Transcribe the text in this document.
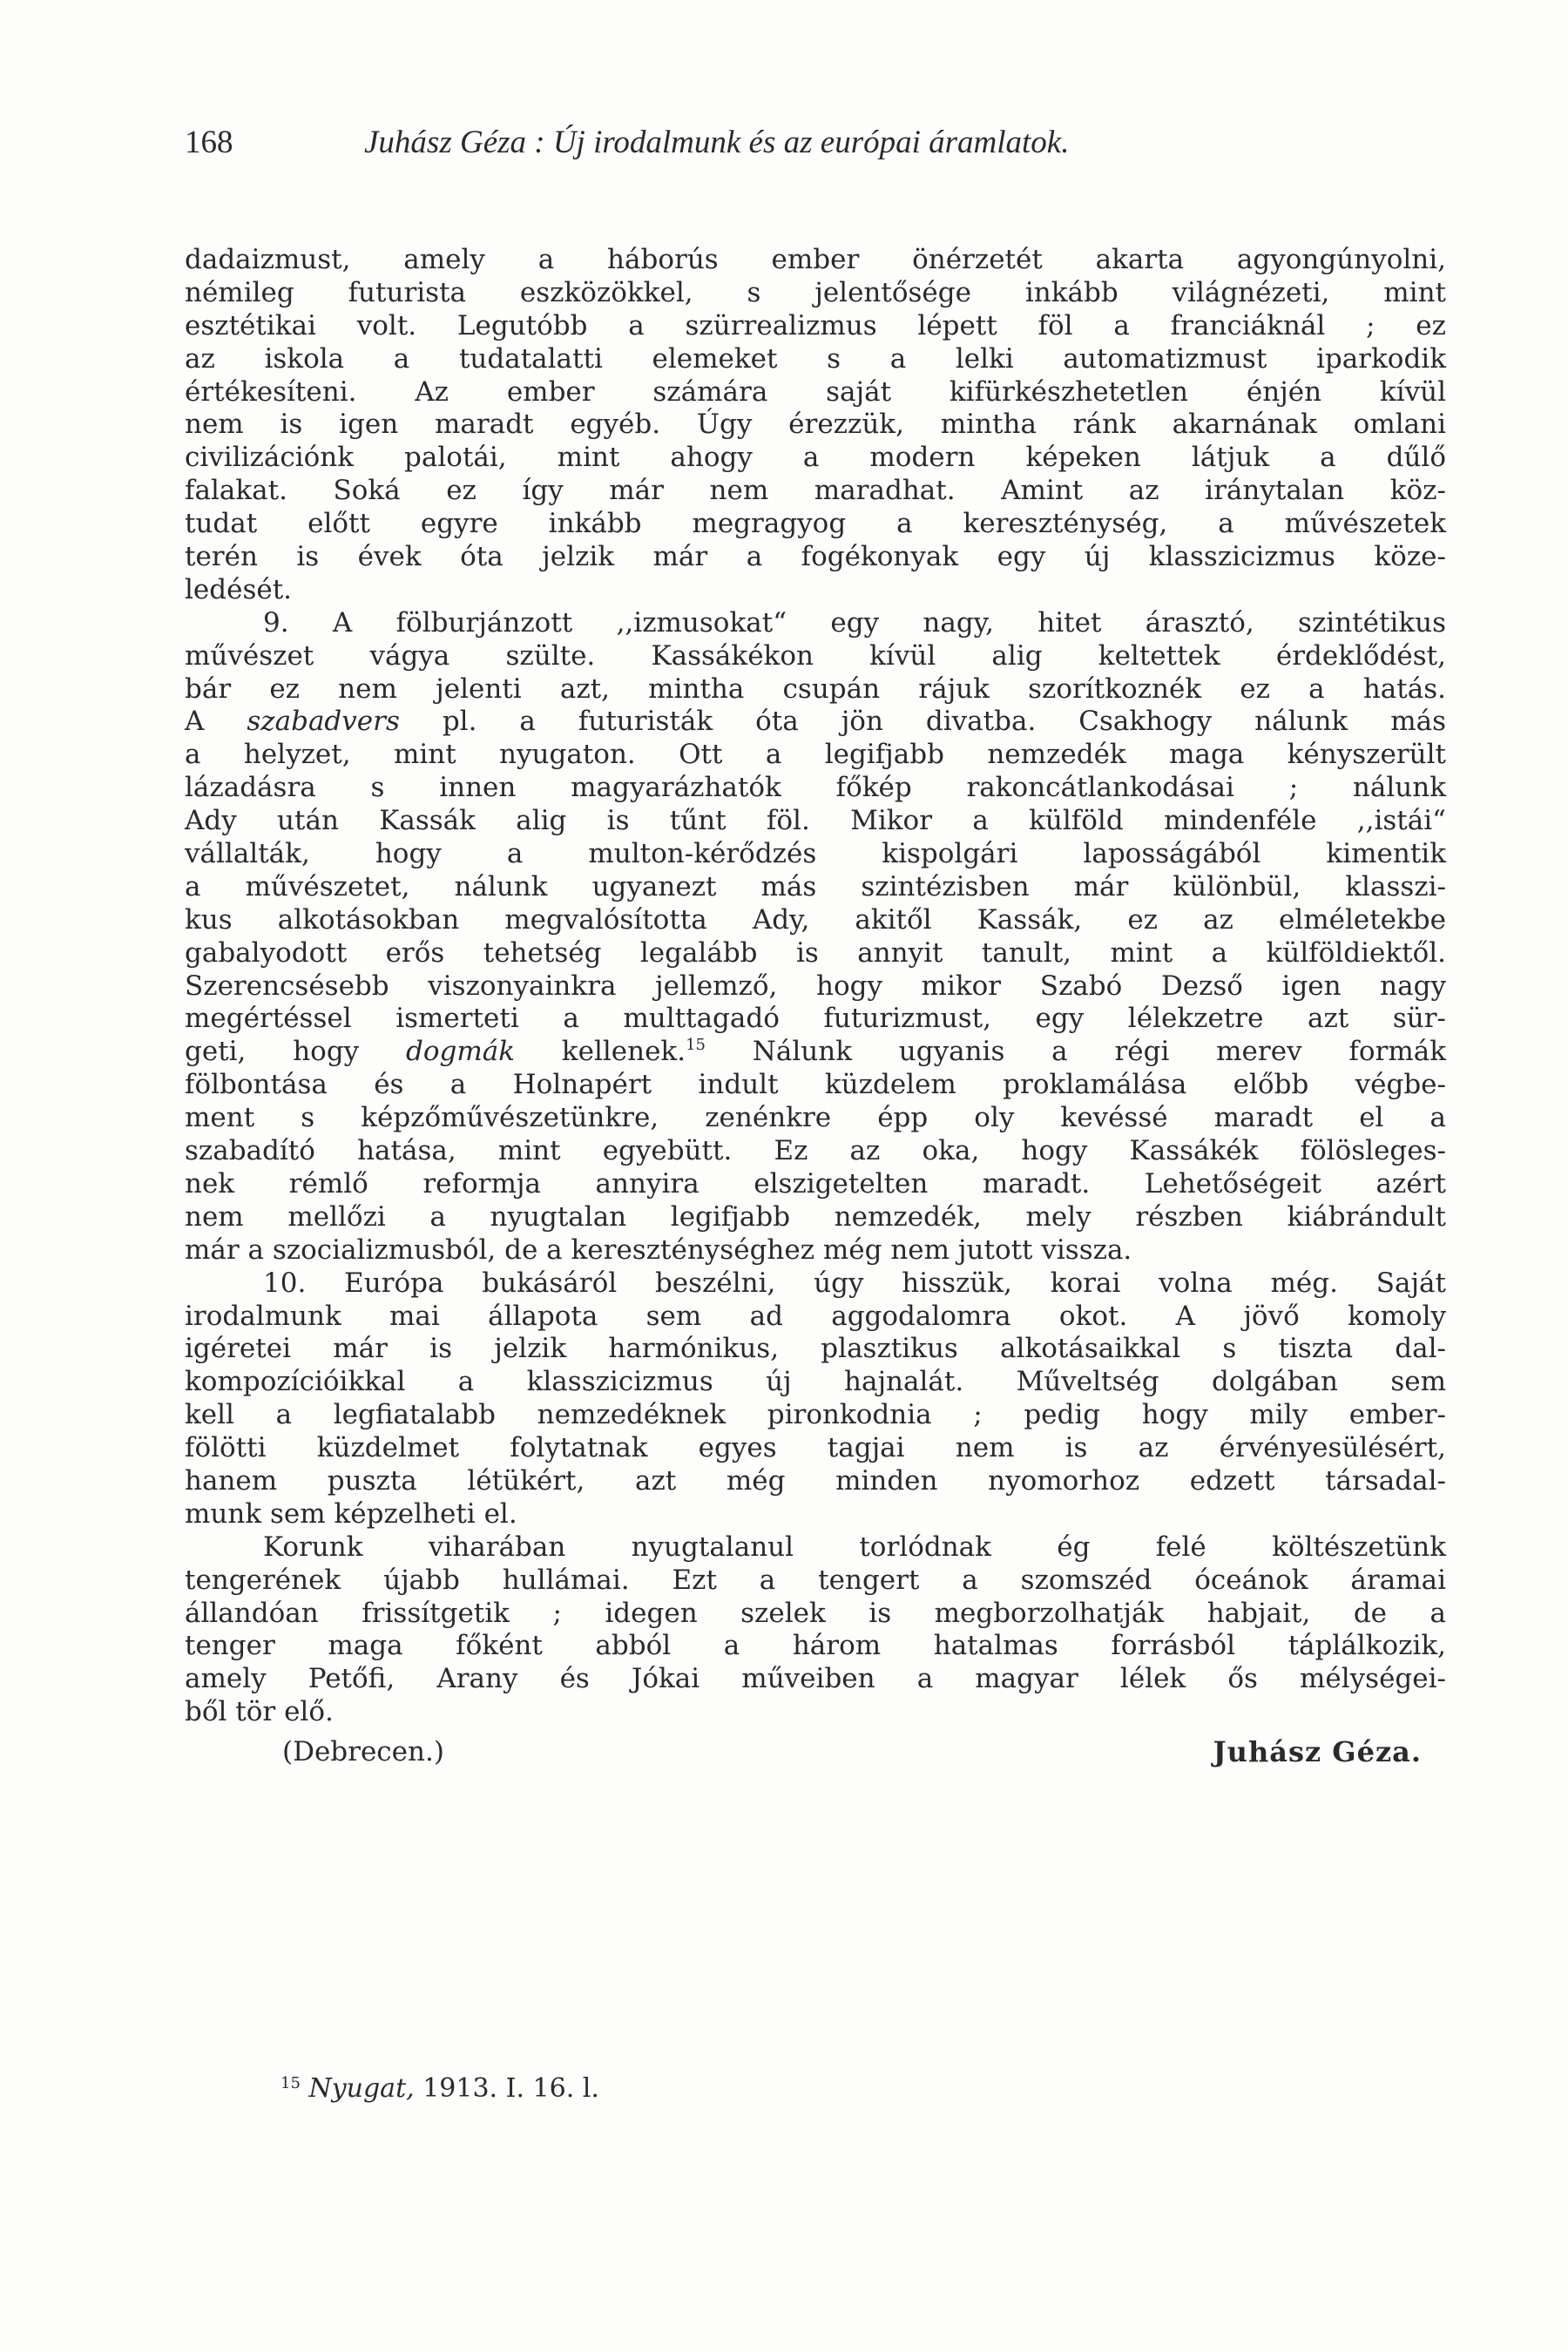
168	Juhász Géza : Új irodalmunk és az európai áramlatok.

dadaizmust, amely a háborús ember önérzetét akarta agyongúnyolni,
némileg futurista eszközökkel, s jelentősége inkább világnézeti, mint
esztétikai volt. Legutóbb a szürrealizmus lépett föl a franciáknál ; ez
az iskola a tudatalatti elemeket s a lelki automatizmust iparkodik
értékesíteni. Az ember számára saját kifürkészhetetlen énjén kívül
nem is igen maradt egyéb. Úgy érezzük, mintha ránk akarnának omlani
civilizációnk palotái, mint ahogy a modern képeken látjuk a dűlő
falakat. Soká ez így már nem maradhat. Amint az iránytalan köz-
tudat előtt egyre inkább megragyog a kereszténység, a művészetek
terén is évek óta jelzik már a fogékonyak egy új klasszicizmus köze-
ledését.

9. A fölburjánzott ,,izmusokat“ egy nagy, hitet árasztó, szintétikus
művészet vágya szülte. Kassákékon kívül alig keltettek érdeklődést,
bár ez nem jelenti azt, mintha csupán rájuk szorítkoznék ez a hatás.
A szabadvers pl. a futuristák óta jön divatba. Csakhogy nálunk más
a helyzet, mint nyugaton. Ott a legifjabb nemzedék maga kényszerült
lázadásra s innen magyarázhatók főkép rakoncátlankodásai ; nálunk
Ady után Kassák alig is tűnt föl. Mikor a külföld mindenféle ,,istái“
vállalták, hogy a multon-kérődzés kispolgári laposságából kimentik
a művészetet, nálunk ugyanezt más szintézisben már különbül, klasszi-
kus alkotásokban megvalósította Ady, akitől Kassák, ez az elméletekbe
gabalyodott erős tehetség legalább is annyit tanult, mint a külföldiektől.
Szerencsésebb viszonyainkra jellemző, hogy mikor Szabó Dezső igen nagy
megértéssel ismerteti a multtagadó futurizmust, egy lélekzetre azt sür-
geti, hogy dogmák kellenek.$^{15}$ Nálunk ugyanis a régi merev formák
fölbontása és a Holnapért indult küzdelem proklamálása előbb végbe-
ment s képzőművészetünkre, zenénkre épp oly kevéssé maradt el a
szabadító hatása, mint egyebütt. Ez az oka, hogy Kassákék fölösleges-
nek rémlő reformja annyira elszigetelten maradt. Lehetőségeit azért
nem mellőzi a nyugtalan legifjabb nemzedék, mely részben kiábrándult
már a szocializmusból, de a kereszténységhez még nem jutott vissza.

10. Európa bukásáról beszélni, úgy hisszük, korai volna még. Saját
irodalmunk mai állapota sem ad aggodalomra okot. A jövő komoly
igéretei már is jelzik harmónikus, plasztikus alkotásaikkal s tiszta dal-
kompozícióikkal a klasszicizmus új hajnalát. Műveltség dolgában sem
kell a legfiatalabb nemzedéknek pironkodnia ; pedig hogy mily ember-
fölötti küzdelmet folytatnak egyes tagjai nem is az érvényesülésért,
hanem puszta létükért, azt még minden nyomorhoz edzett társadal-
munk sem képzelheti el.

Korunk viharában nyugtalanul torlódnak ég felé költészetünk
tengerének újabb hullámai. Ezt a tengert a szomszéd óceánok áramai
állandóan frissítgetik ; idegen szelek is megborzolhatják habjait, de a
tenger maga főként abból a három hatalmas forrásból táplálkozik,
amely Petőfi, Arany és Jókai műveiben a magyar lélek ős mélységei-
ből tör elő.

(Debrecen.)	Juhász Géza.
$^{15}$ Nyugat, 1913. I. 16. l.
